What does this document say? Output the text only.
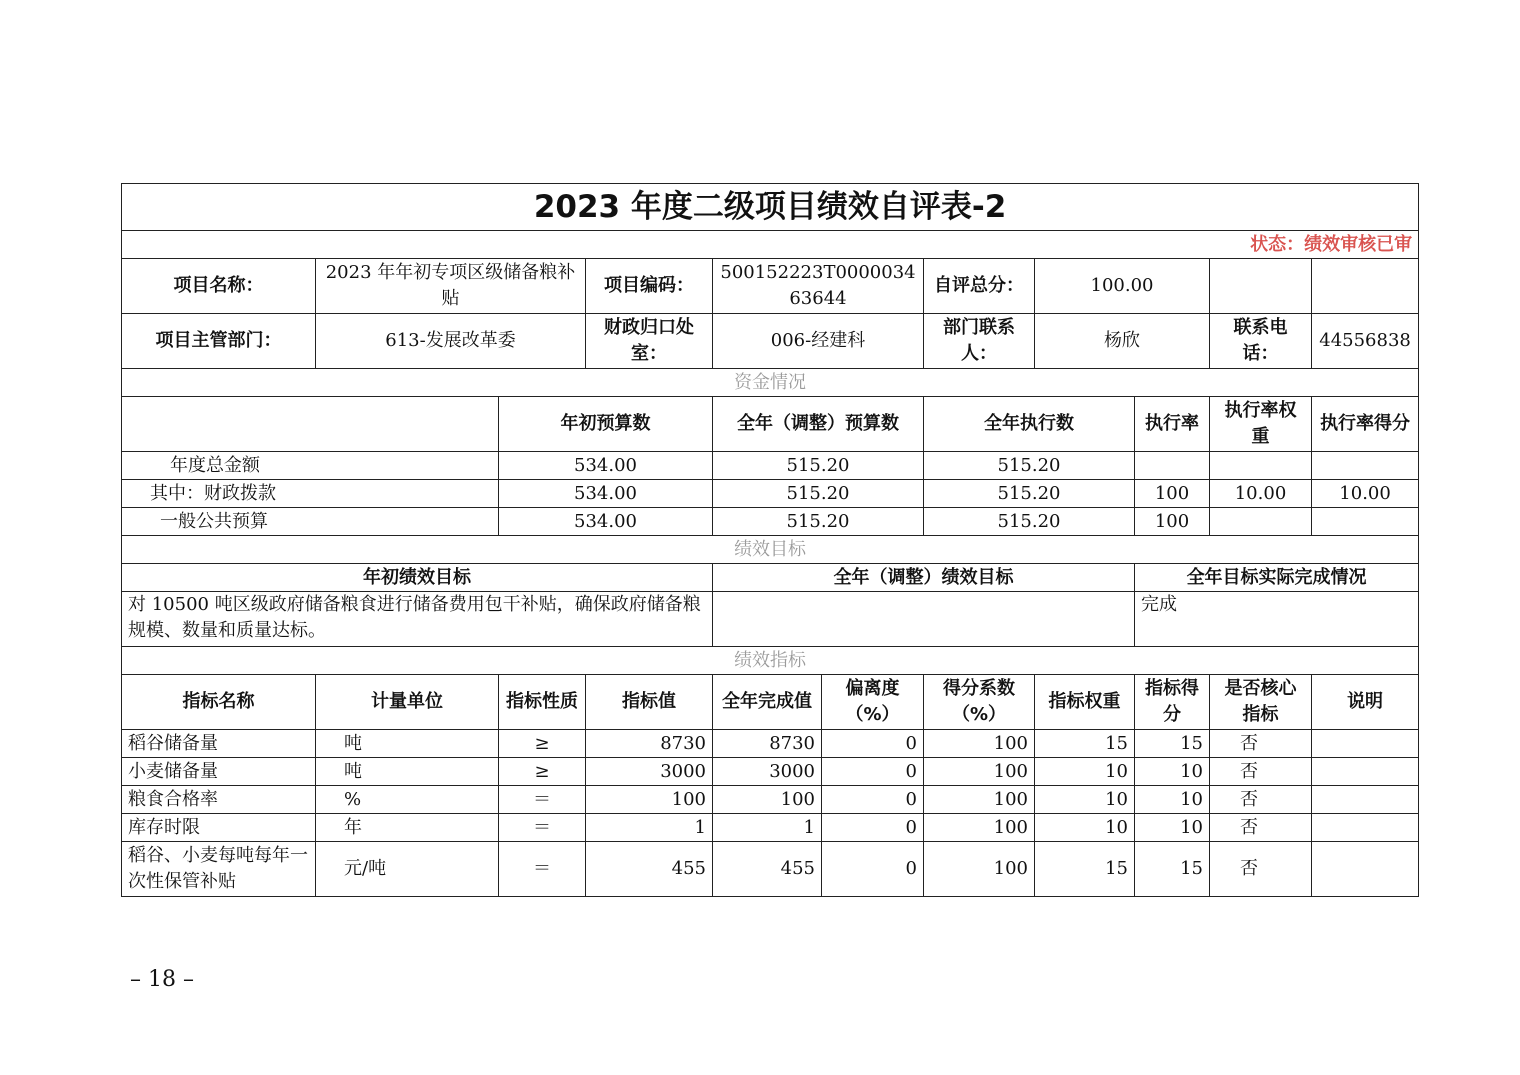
2023 年度二级项目绩效自评表-2										
状态：绩效审核已审										
项目名称：	2023 年年初专项区级储备粮补贴		项目编码：	500152223T000003463644		自评总分：	100.00			
项目主管部门：	613-发展改革委		财政归口处室：	006-经建科		部门联系人：	杨欣		联系电话：	44556838
资金情况										
		年初预算数		全年（调整）预算数		全年执行数		执行率	执行率权重	执行率得分
年度总金额		534.00		515.20		515.20				
其中：财政拨款		534.00		515.20		515.20		100	10.00	10.00
一般公共预算		534.00		515.20		515.20		100		
绩效目标										
年初绩效目标				全年（调整）绩效目标				全年目标实际完成情况		
对 10500 吨区级政府储备粮食进行储备费用包干补贴，确保政府储备粮规模、数量和质量达标。								完成		
绩效指标										
指标名称	计量单位	指标性质	指标值	全年完成值	偏离度（%）	得分系数（%）	指标权重	指标得分	是否核心指标	说明
稻谷储备量	吨	≥	8730	8730	0	100	15	15	否	
小麦储备量	吨	≥	3000	3000	0	100	10	10	否	
粮食合格率	%	＝	100	100	0	100	10	10	否	
库存时限	年	＝	1	1	0	100	10	10	否	
稻谷、小麦每吨每年一次性保管补贴	元/吨	＝	455	455	0	100	15	15	否	
– 18 –
